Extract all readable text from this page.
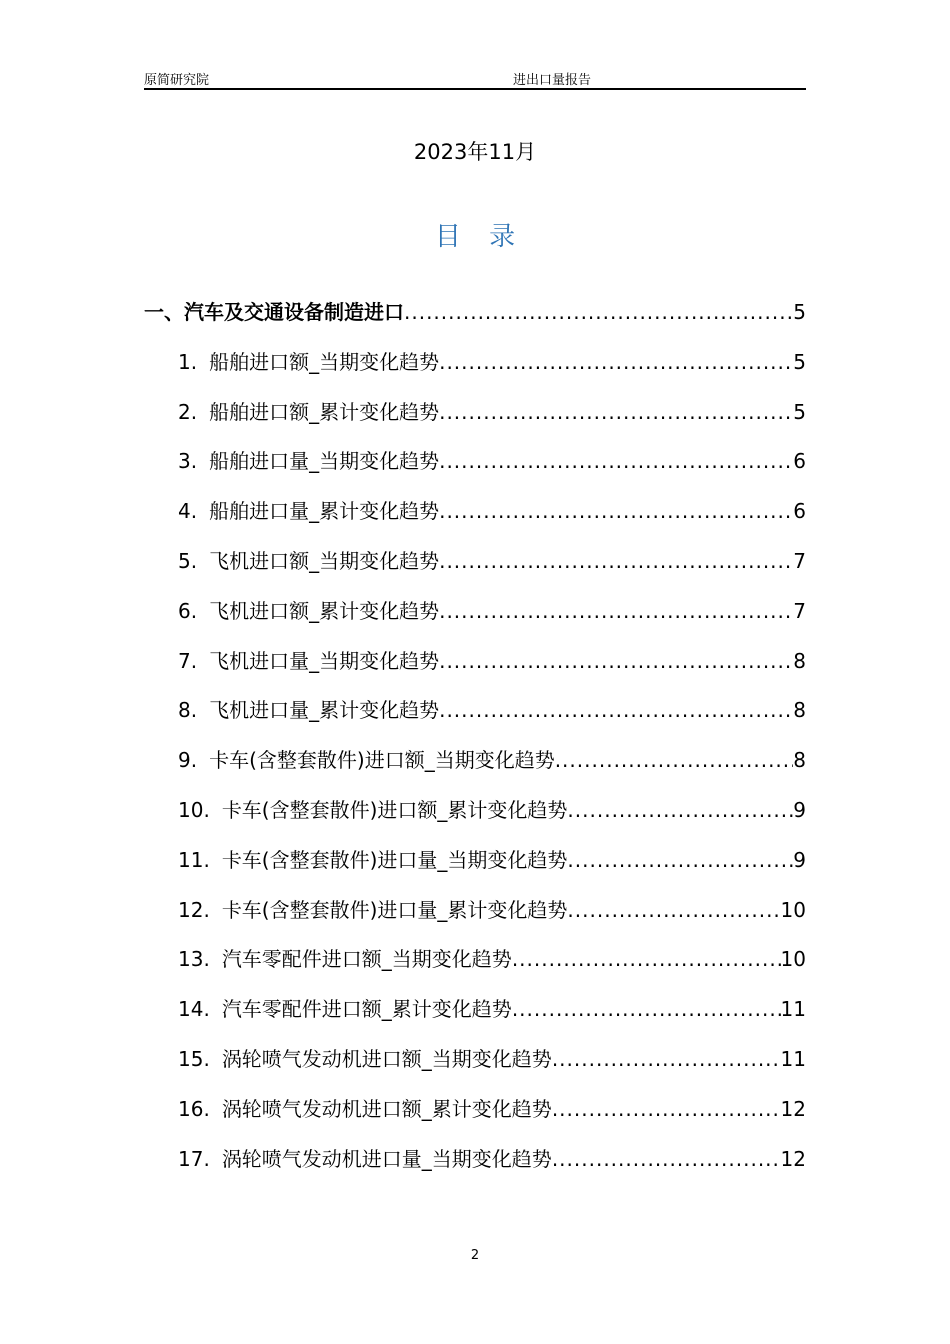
原简研究院	进出口量报告
2023年11月
目 录
一、 汽车及交通设备制造进口 .....	5
1. 船舶进口额_当期变化趋势 .....	5
2. 船舶进口额_累计变化趋势 .....	5
3. 船舶进口量_当期变化趋势 .....	6
4. 船舶进口量_累计变化趋势 .....	6
5. 飞机进口额_当期变化趋势 .....	7
6. 飞机进口额_累计变化趋势 .....	7
7. 飞机进口量_当期变化趋势 .....	8
8. 飞机进口量_累计变化趋势 .....	8
9. 卡车(含整套散件)进口额_当期变化趋势 .....	8
10. 卡车(含整套散件)进口额_累计变化趋势 .....	9
11. 卡车(含整套散件)进口量_当期变化趋势 .....	9
12. 卡车(含整套散件)进口量_累计变化趋势 .....	10
13. 汽车零配件进口额_当期变化趋势 .....	10
14. 汽车零配件进口额_累计变化趋势 .....	11
15. 涡轮喷气发动机进口额_当期变化趋势 .....	11
16. 涡轮喷气发动机进口额_累计变化趋势 .....	12
17. 涡轮喷气发动机进口量_当期变化趋势 .....	12
2
